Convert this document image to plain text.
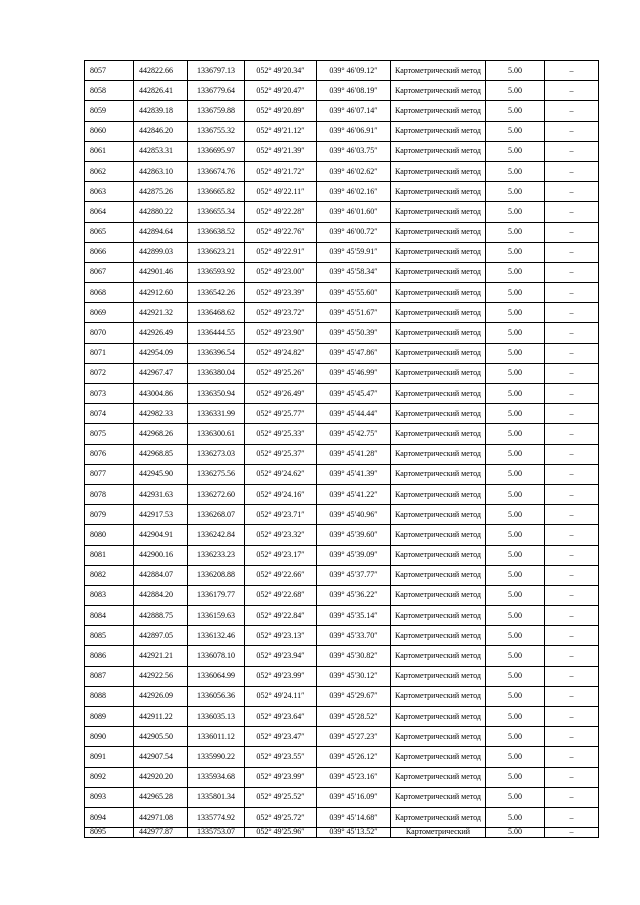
8057	442822.66	1336797.13	052° 49′20.34″	039° 46′09.12″	Картометрический метод	5.00	–
8058	442826.41	1336779.64	052° 49′20.47″	039° 46′08.19″	Картометрический метод	5.00	–
8059	442839.18	1336759.88	052° 49′20.89″	039° 46′07.14″	Картометрический метод	5.00	–
8060	442846.20	1336755.32	052° 49′21.12″	039° 46′06.91″	Картометрический метод	5.00	–
8061	442853.31	1336695.97	052° 49′21.39″	039° 46′03.75″	Картометрический метод	5.00	–
8062	442863.10	1336674.76	052° 49′21.72″	039° 46′02.62″	Картометрический метод	5.00	–
8063	442875.26	1336665.82	052° 49′22.11″	039° 46′02.16″	Картометрический метод	5.00	–
8064	442880.22	1336655.34	052° 49′22.28″	039° 46′01.60″	Картометрический метод	5.00	–
8065	442894.64	1336638.52	052° 49′22.76″	039° 46′00.72″	Картометрический метод	5.00	–
8066	442899.03	1336623.21	052° 49′22.91″	039° 45′59.91″	Картометрический метод	5.00	–
8067	442901.46	1336593.92	052° 49′23.00″	039° 45′58.34″	Картометрический метод	5.00	–
8068	442912.60	1336542.26	052° 49′23.39″	039° 45′55.60″	Картометрический метод	5.00	–
8069	442921.32	1336468.62	052° 49′23.72″	039° 45′51.67″	Картометрический метод	5.00	–
8070	442926.49	1336444.55	052° 49′23.90″	039° 45′50.39″	Картометрический метод	5.00	–
8071	442954.09	1336396.54	052° 49′24.82″	039° 45′47.86″	Картометрический метод	5.00	–
8072	442967.47	1336380.04	052° 49′25.26″	039° 45′46.99″	Картометрический метод	5.00	–
8073	443004.86	1336350.94	052° 49′26.49″	039° 45′45.47″	Картометрический метод	5.00	–
8074	442982.33	1336331.99	052° 49′25.77″	039° 45′44.44″	Картометрический метод	5.00	–
8075	442968.26	1336300.61	052° 49′25.33″	039° 45′42.75″	Картометрический метод	5.00	–
8076	442968.85	1336273.03	052° 49′25.37″	039° 45′41.28″	Картометрический метод	5.00	–
8077	442945.90	1336275.56	052° 49′24.62″	039° 45′41.39″	Картометрический метод	5.00	–
8078	442931.63	1336272.60	052° 49′24.16″	039° 45′41.22″	Картометрический метод	5.00	–
8079	442917.53	1336268.07	052° 49′23.71″	039° 45′40.96″	Картометрический метод	5.00	–
8080	442904.91	1336242.84	052° 49′23.32″	039° 45′39.60″	Картометрический метод	5.00	–
8081	442900.16	1336233.23	052° 49′23.17″	039° 45′39.09″	Картометрический метод	5.00	–
8082	442884.07	1336208.88	052° 49′22.66″	039° 45′37.77″	Картометрический метод	5.00	–
8083	442884.20	1336179.77	052° 49′22.68″	039° 45′36.22″	Картометрический метод	5.00	–
8084	442888.75	1336159.63	052° 49′22.84″	039° 45′35.14″	Картометрический метод	5.00	–
8085	442897.05	1336132.46	052° 49′23.13″	039° 45′33.70″	Картометрический метод	5.00	–
8086	442921.21	1336078.10	052° 49′23.94″	039° 45′30.82″	Картометрический метод	5.00	–
8087	442922.56	1336064.99	052° 49′23.99″	039° 45′30.12″	Картометрический метод	5.00	–
8088	442926.09	1336056.36	052° 49′24.11″	039° 45′29.67″	Картометрический метод	5.00	–
8089	442911.22	1336035.13	052° 49′23.64″	039° 45′28.52″	Картометрический метод	5.00	–
8090	442905.50	1336011.12	052° 49′23.47″	039° 45′27.23″	Картометрический метод	5.00	–
8091	442907.54	1335990.22	052° 49′23.55″	039° 45′26.12″	Картометрический метод	5.00	–
8092	442920.20	1335934.68	052° 49′23.99″	039° 45′23.16″	Картометрический метод	5.00	–
8093	442965.28	1335801.34	052° 49′25.52″	039° 45′16.09″	Картометрический метод	5.00	–
8094	442971.08	1335774.92	052° 49′25.72″	039° 45′14.68″	Картометрический метод	5.00	–
8095	442977.87	1335753.07	052° 49′25.96″	039° 45′13.52″	Картометрический	5.00	–
